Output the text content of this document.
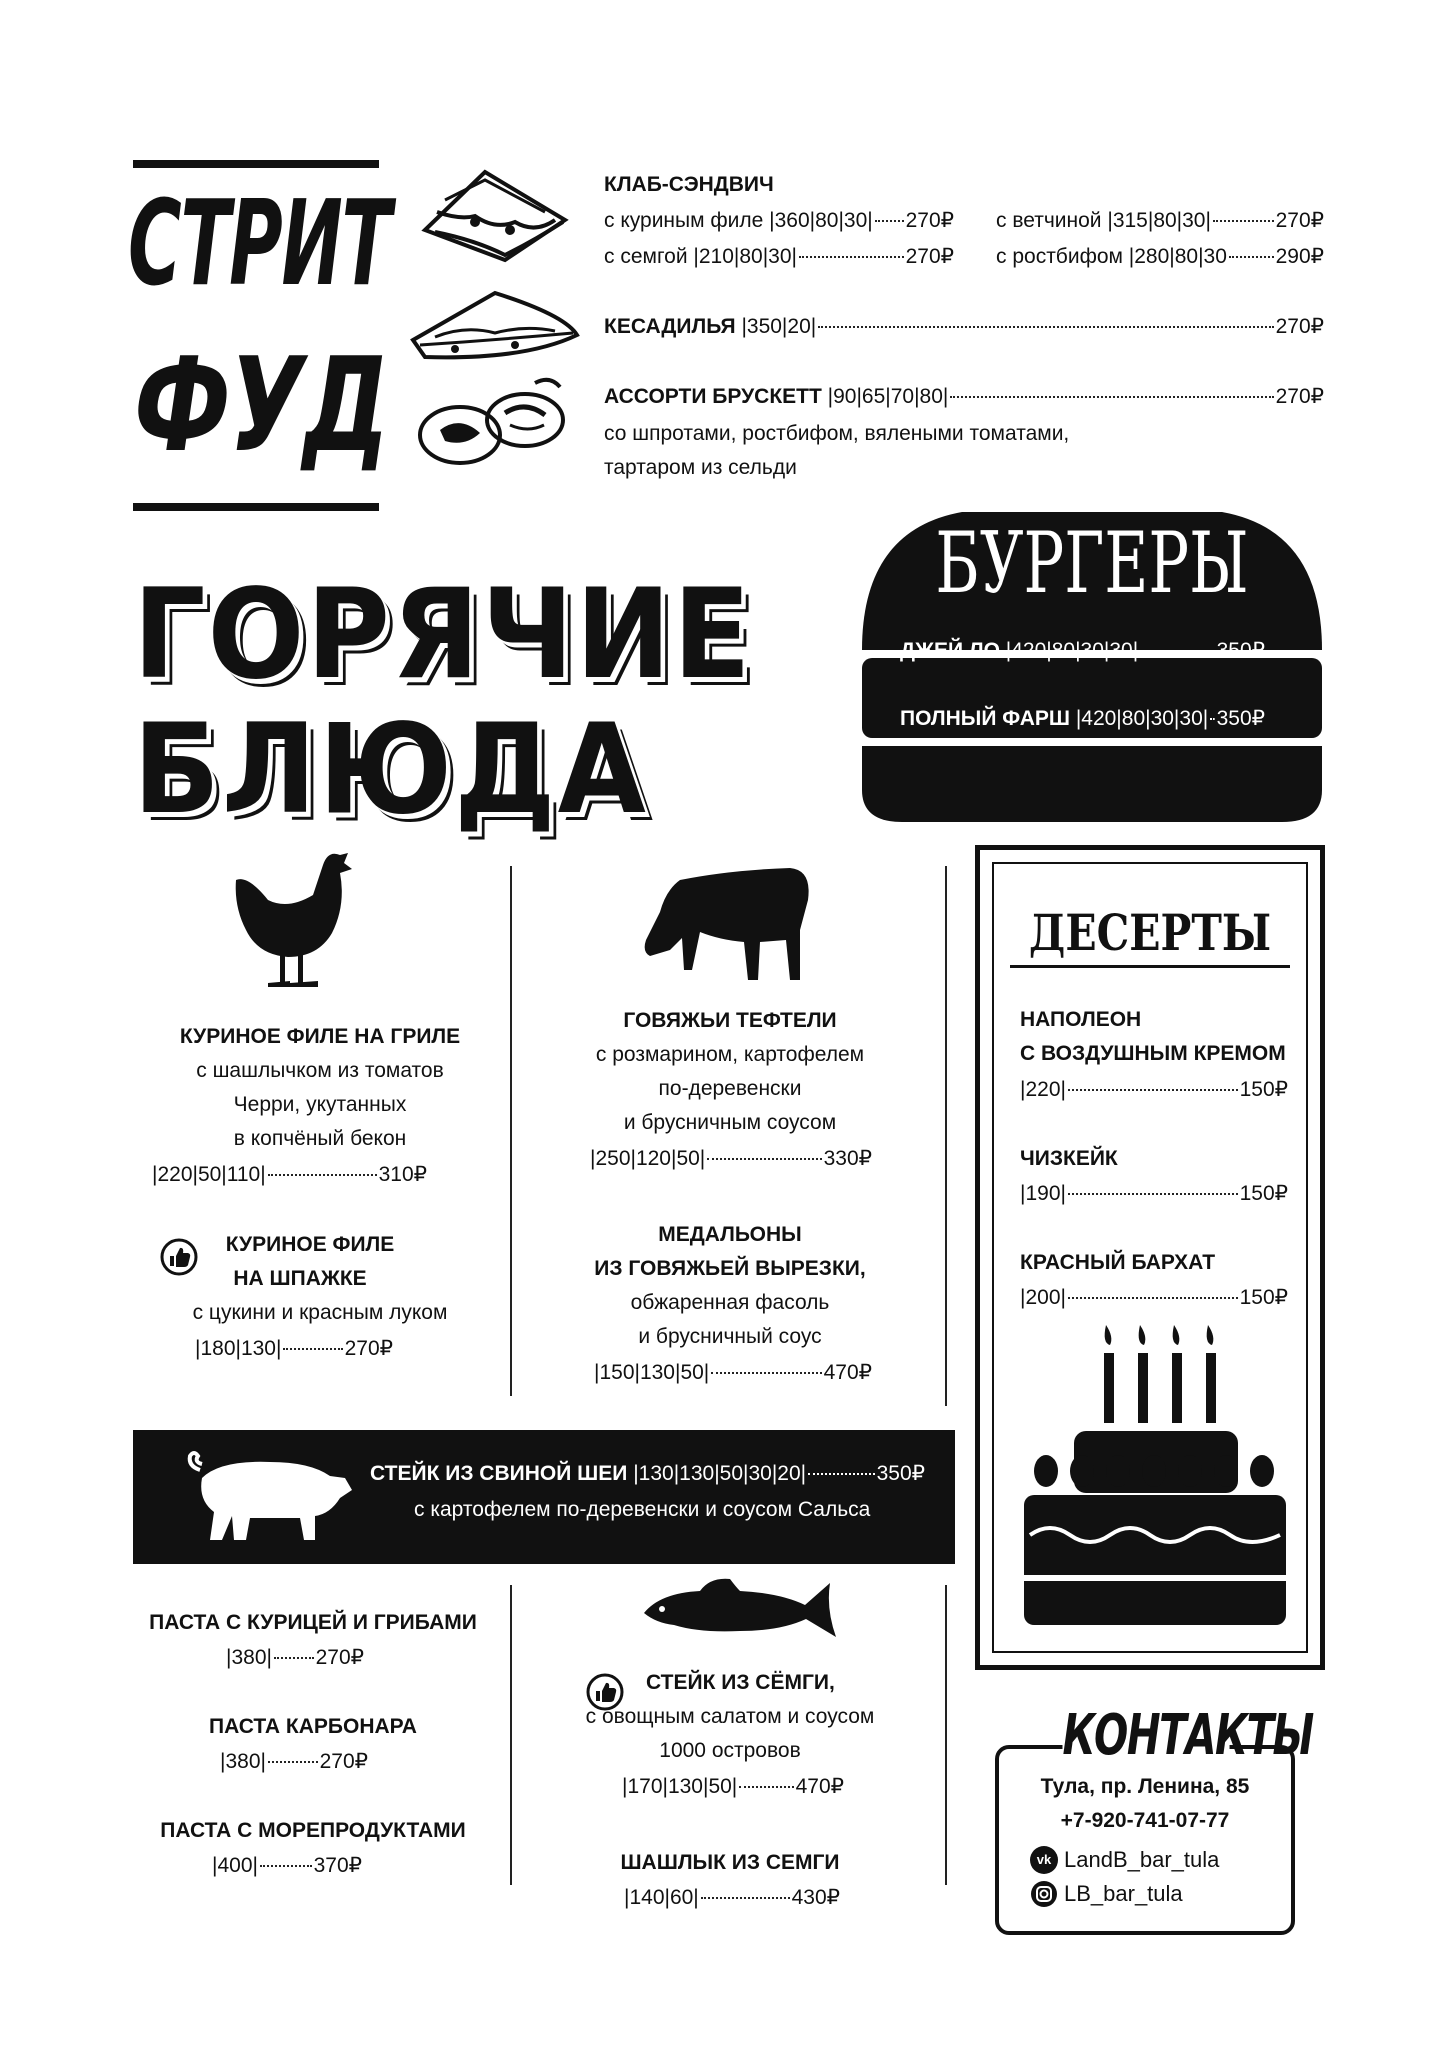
СТРИТ
ФУД
КЛАБ-СЭНДВИЧ
с куриным филе |360|80|30| 270₽ с ветчиной |315|80|30|	270₽
с семгой |210|80|30|	270₽ с ростбифом |280|80|30 290₽
КЕСАДИЛЬЯ
|350|20|	270₽
АССОРТИ БРУСКЕТТ
|90|65|70|80|	270₽
со шпротами, ростбифом, вялеными томатами,
тартаром из сельди
БУРГЕРЫ
ДЖЕЙ ЛО
|420|80|30|30|	350₽
ПОЛНЫЙ ФАРШ
|420|80|30|30| 350₽
ГОРЯЧИЕ
БЛЮДА
КУРИНОЕ ФИЛЕ НА ГРИЛЕ
с шашлычком из томатов
Черри, укутанных
в копчёный бекон
|220|50|110|	310₽
КУРИНОЕ ФИЛЕ
НА ШПАЖКЕ
с цукини и красным луком
|180|130|	270₽
ГОВЯЖЬИ ТЕФТЕЛИ
с розмарином, картофелем
по-деревенски
и брусничным соусом
|250|120|50|	330₽
МЕДАЛЬОНЫ
ИЗ ГОВЯЖЬЕЙ ВЫРЕЗКИ,
обжаренная фасоль
и брусничный соус
|150|130|50|	470₽
СТЕЙК ИЗ СВИНОЙ ШЕИ
|130|130|50|30|20|	350₽
с картофелем по-деревенски и соусом Сальса
ПАСТА С КУРИЦЕЙ И ГРИБАМИ
|380| 270₽
ПАСТА КАРБОНАРА
|380|	270₽
ПАСТА С МОРЕПРОДУКТАМИ
|400|	370₽
СТЕЙК ИЗ СЁМГИ,
с овощным салатом и соусом
1000 островов
|170|130|50|	470₽
ШАШЛЫК ИЗ СЕМГИ
|140|60|	430₽
ДЕСЕРТЫ
НАПОЛЕОН
С ВОЗДУШНЫМ КРЕМОМ
|220|	150₽
ЧИЗКЕЙК
|190|	150₽
КРАСНЫЙ БАРХАТ
|200|	150₽
КОНТАКТЫ
Тула, пр. Ленина, 85
+7-920-741-07-77
vk LandB_bar_tula
LB_bar_tula
